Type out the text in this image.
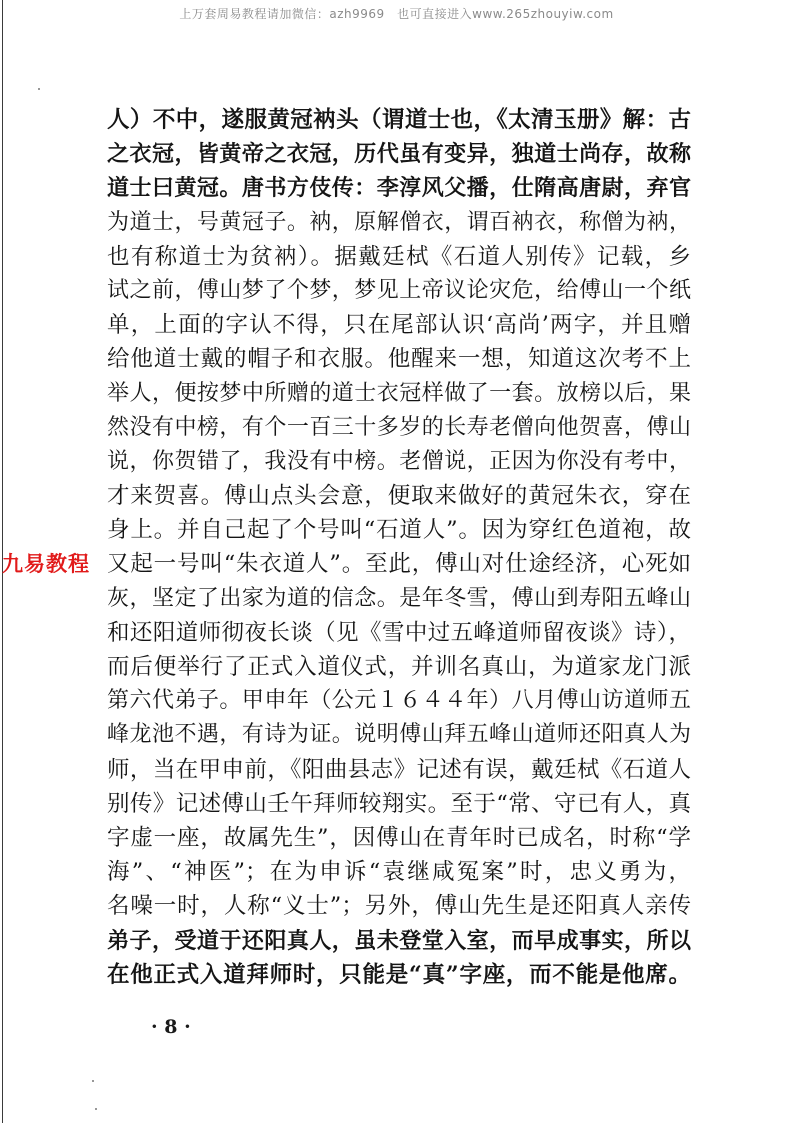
上万套周易教程请加微信：azh9969　也可直接进入www.265zhouyiw.com
人）不中，遂服黄冠衲头（谓道士也，《太清玉册》解：古
之衣冠，皆黄帝之衣冠，历代虽有变异，独道士尚存，故称
道士曰黄冠。唐书方伎传：李淳风父播，仕隋高唐尉，弃官
为道士，号黄冠子。衲，原解僧衣，谓百衲衣，称僧为衲，
也有称道士为贫衲）。据戴廷栻《石道人别传》记载，乡
试之前，傅山梦了个梦，梦见上帝议论灾危，给傅山一个纸
单，上面的字认不得，只在尾部认识‘高尚’两字，并且赠
给他道士戴的帽子和衣服。他醒来一想，知道这次考不上
举人，便按梦中所赠的道士衣冠样做了一套。放榜以后，果
然没有中榜，有个一百三十多岁的长寿老僧向他贺喜，傅山
说，你贺错了，我没有中榜。老僧说，正因为你没有考中，
才来贺喜。傅山点头会意，便取来做好的黄冠朱衣，穿在
身上。并自己起了个号叫“石道人”。因为穿红色道袍，故
又起一号叫“朱衣道人”。至此，傅山对仕途经济，心死如
灰，坚定了出家为道的信念。是年冬雪，傅山到寿阳五峰山
和还阳道师彻夜长谈（见《雪中过五峰道师留夜谈》诗），
而后便举行了正式入道仪式，并训名真山，为道家龙门派
第六代弟子。甲申年（公元１６４４年）八月傅山访道师五
峰龙池不遇，有诗为证。说明傅山拜五峰山道师还阳真人为
师，当在甲申前，《阳曲县志》记述有误，戴廷栻《石道人
别传》记述傅山壬午拜师较翔实。至于“常、守已有人，真
字虚一座，故属先生”，因傅山在青年时已成名，时称“学
海”、“神医”；在为申诉“袁继咸冤案”时，忠义勇为，
名噪一时，人称“义士”；另外，傅山先生是还阳真人亲传
弟子，受道于还阳真人，虽未登堂入室，而早成事实，所以
在他正式入道拜师时，只能是“真”字座，而不能是他席。
九易教程
· 8 ·
